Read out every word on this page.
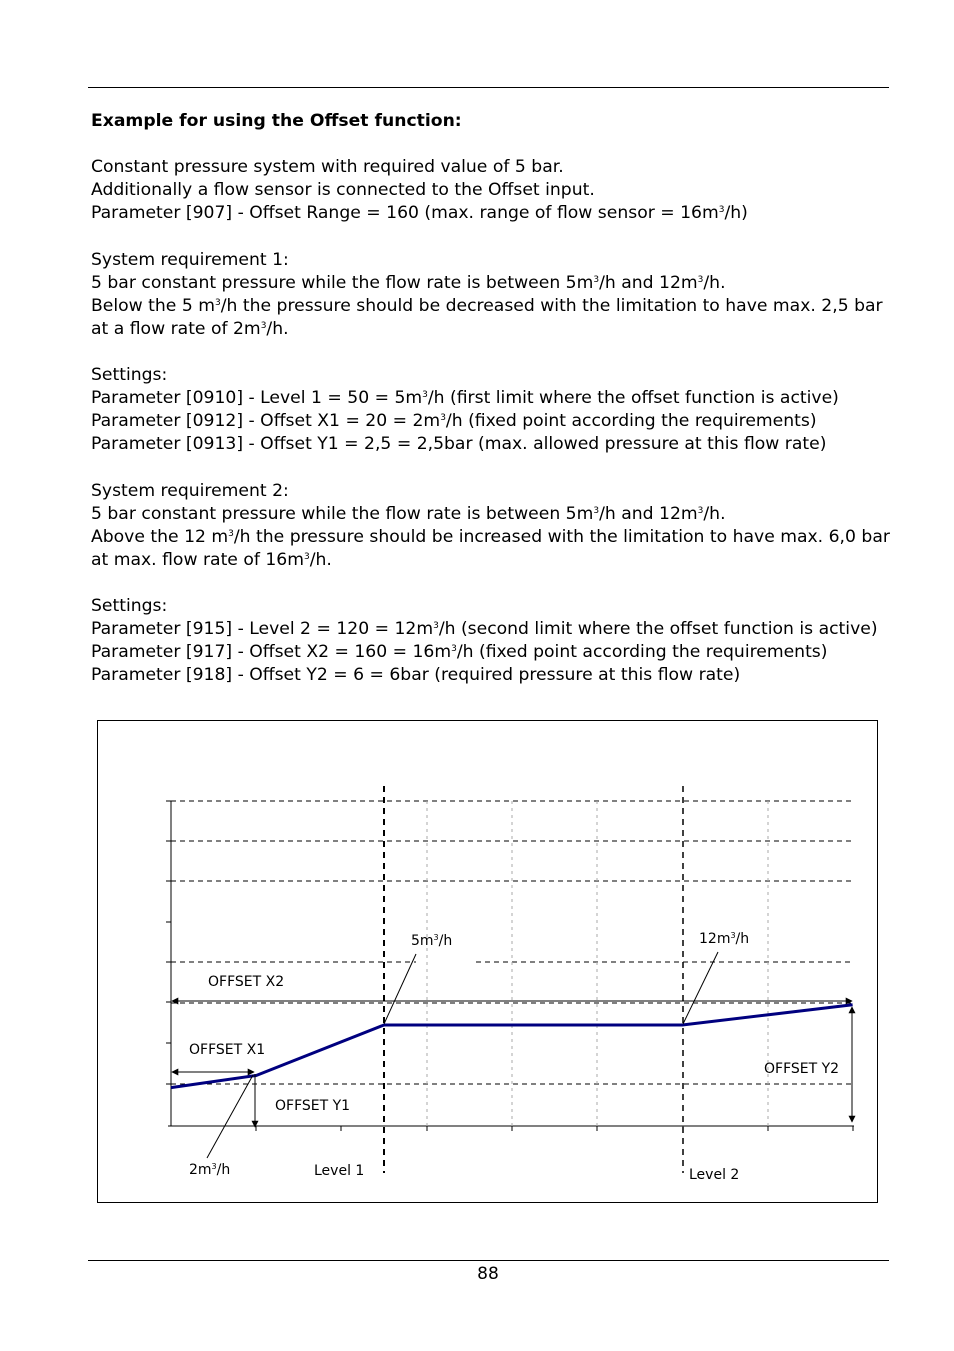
Example for using the Offset function:

Constant pressure system with required value of 5 bar.
Additionally a flow sensor is connected to the Offset input.
Parameter [907] - Offset Range = 160 (max. range of flow sensor = $16m^3/h$)

System requirement 1:
5 bar constant pressure while the flow rate is between $5m^3/h$ and $12m^3/h$.
Below the 5 $m^3/h$ the pressure should be decreased with the limitation to have max. 2,5 bar at a flow rate of $2m^3/h$.

Settings:
Parameter [0910] - Level $1 = 50 = 5m^3/h$ (first limit where the offset function is active)
Parameter [0912] - Offset $X1 = 20 = 2m^3/h$ (fixed point according the requirements)
Parameter [0913] - Offset Y1 = 2,5 = 2,5bar (max. allowed pressure at this flow rate)

System requirement 2:
5 bar constant pressure while the flow rate is between $5m^3/h$ and $12m^3/h$.
Above the 12 $m^3/h$ the pressure should be increased with the limitation to have max. 6,0 bar at max. flow rate of $16m^3/h$.

Settings:
Parameter [915] - Level $2 = 120 = 12m^3/h$ (second limit where the offset function is active)
Parameter [917] - Offset $X2 = 160 = 16m^3/h$ (fixed point according the requirements)
Parameter [918] - Offset Y2 = 6 = 6bar (required pressure at this flow rate)

OFFSET X2
OFFSET X1
OFFSET Y1
OFFSET Y2
Level 1	Level 2
$5m^3/h$	$12m^3/h$
$2m^3/h$
88
